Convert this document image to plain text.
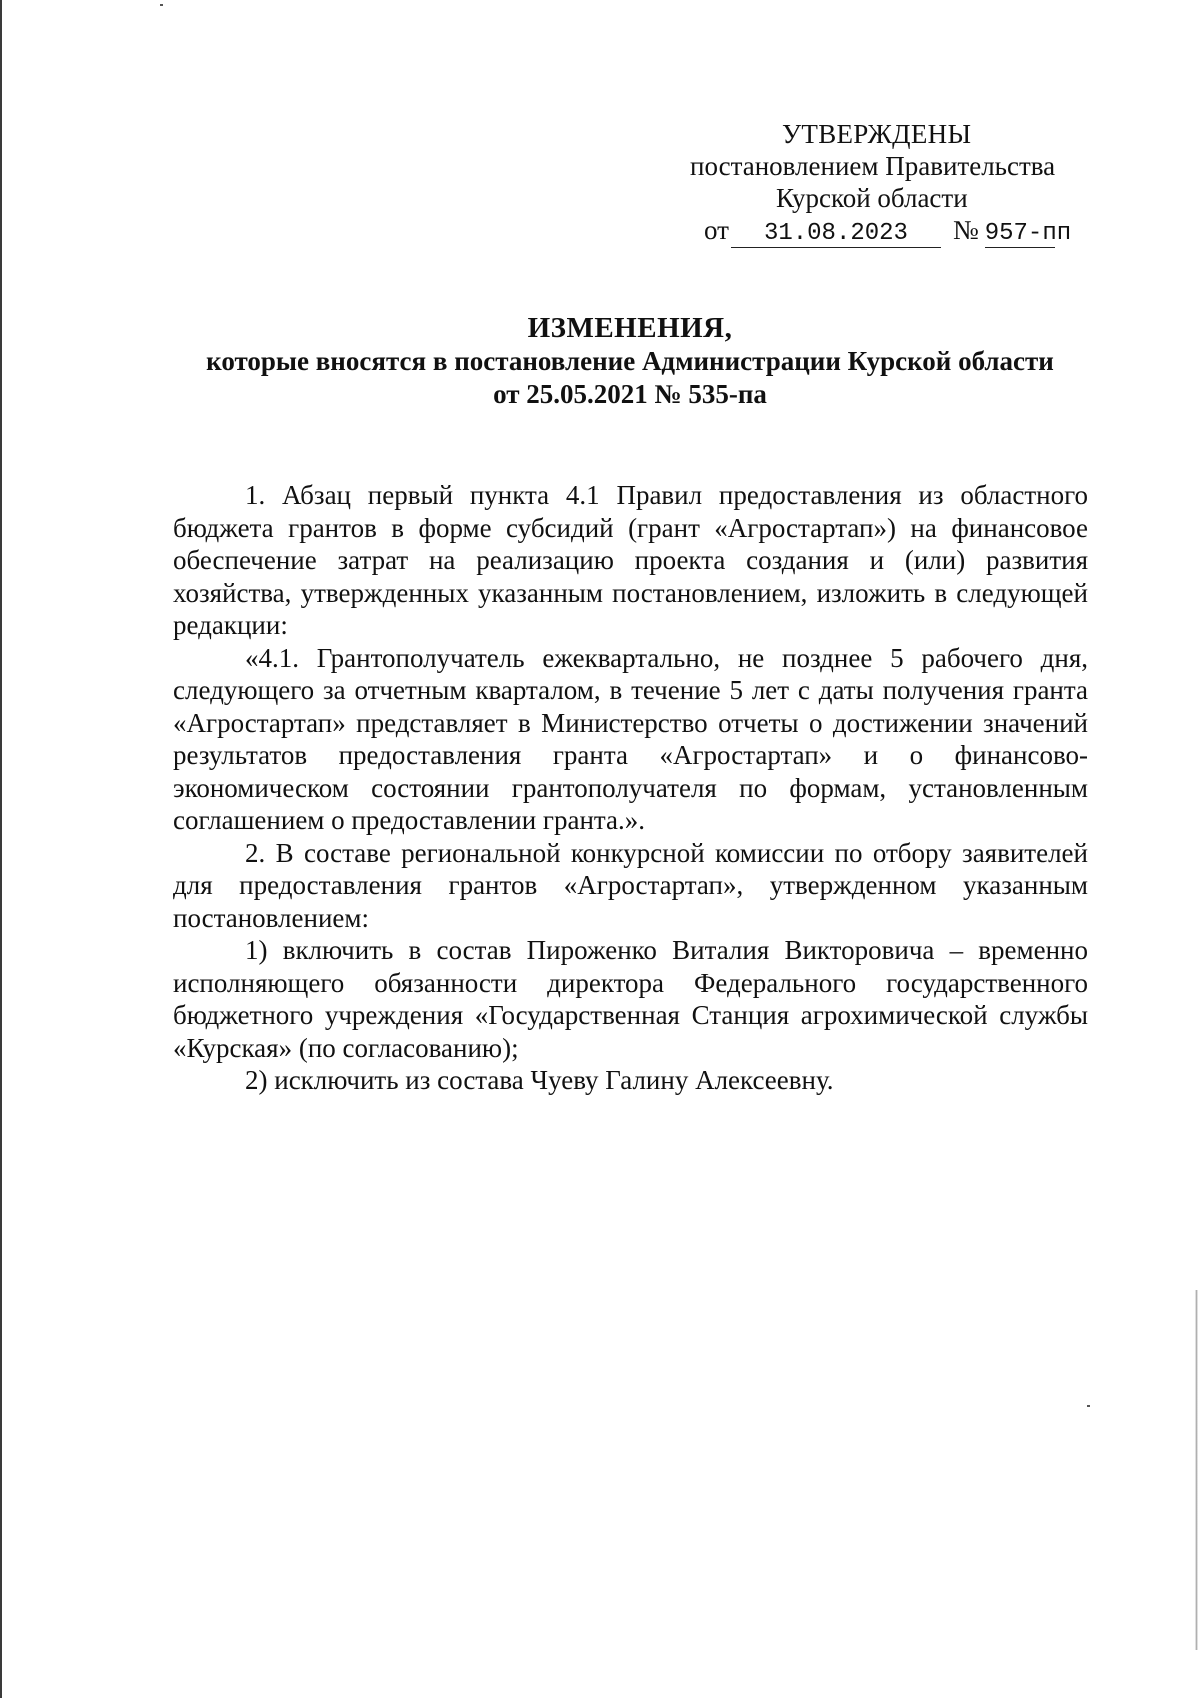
УТВЕРЖДЕНЫ
постановлением Правительства
Курской области
от	31.08.2023	№ 957-пп
ИЗМЕНЕНИЯ,
которые вносятся в постановление Администрации Курской области
от 25.05.2021 № 535-па

1. Абзац первый пункта 4.1 Правил предоставления из областного бюджета грантов в форме субсидий (грант «Агростартап») на финансовое обеспечение затрат на реализацию проекта создания и (или) развития хозяйства, утвержденных указанным постановлением, изложить в следующей редакции:

«4.1. Грантополучатель ежеквартально, не позднее 5 рабочего дня, следующего за отчетным кварталом, в течение 5 лет с даты получения гранта «Агростартап» представляет в Министерство отчеты о достижении значений результатов предоставления гранта «Агростартап» и о финансово-экономическом состоянии грантополучателя по формам, установленным соглашением о предоставлении гранта.».

2. В составе региональной конкурсной комиссии по отбору заявителей для предоставления грантов «Агростартап», утвержденном указанным постановлением:

1) включить в состав Пироженко Виталия Викторовича – временно исполняющего обязанности директора Федерального государственного бюджетного учреждения «Государственная Станция агрохимической службы «Курская» (по согласованию);

2) исключить из состава Чуеву Галину Алексеевну.
